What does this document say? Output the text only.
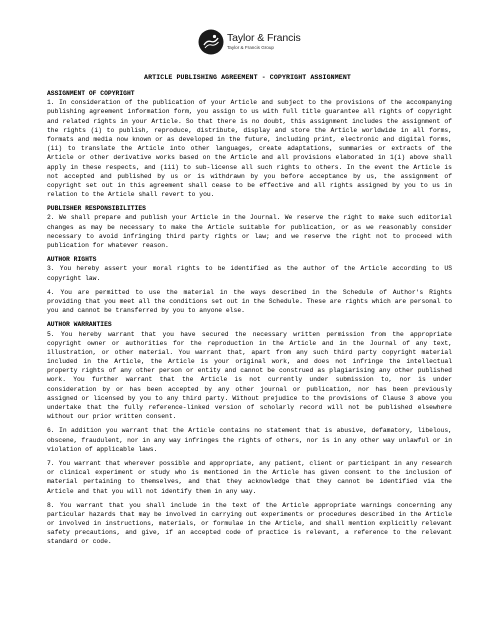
Taylor & Francis
Taylor & Francis Group
ARTICLE PUBLISHING AGREEMENT - COPYRIGHT ASSIGNMENT
ASSIGNMENT OF COPYRIGHT

1. In consideration of the publication of your Article and subject to the provisions of the accompanying publishing agreement information form, you assign to us with full title guarantee all rights of copyright and related rights in your Article. So that there is no doubt, this assignment includes the assignment of the rights (i) to publish, reproduce, distribute, display and store the Article worldwide in all forms, formats and media now known or as developed in the future, including print, electronic and digital forms, (ii) to translate the Article into other languages, create adaptations, summaries or extracts of the Article or other derivative works based on the Article and all provisions elaborated in 1(i) above shall apply in these respects, and (iii) to sub-license all such rights to others. In the event the Article is not accepted and published by us or is withdrawn by you before acceptance by us, the assignment of copyright set out in this agreement shall cease to be effective and all rights assigned by you to us in relation to the Article shall revert to you.

PUBLISHER RESPONSIBILITIES

2. We shall prepare and publish your Article in the Journal. We reserve the right to make such editorial changes as may be necessary to make the Article suitable for publication, or as we reasonably consider necessary to avoid infringing third party rights or law; and we reserve the right not to proceed with publication for whatever reason.

AUTHOR RIGHTS

3. You hereby assert your moral rights to be identified as the author of the Article according to US copyright law.

4. You are permitted to use the material in the ways described in the Schedule of Author's Rights providing that you meet all the conditions set out in the Schedule. These are rights which are personal to you and cannot be transferred by you to anyone else.

AUTHOR WARRANTIES

5. You hereby warrant that you have secured the necessary written permission from the appropriate copyright owner or authorities for the reproduction in the Article and in the Journal of any text, illustration, or other material. You warrant that, apart from any such third party copyright material included in the Article, the Article is your original work, and does not infringe the intellectual property rights of any other person or entity and cannot be construed as plagiarising any other published work. You further warrant that the Article is not currently under submission to, nor is under consideration by or has been accepted by any other journal or publication, nor has been previously assigned or licensed by you to any third party. Without prejudice to the provisions of Clause 3 above you undertake that the fully reference-linked version of scholarly record will not be published elsewhere without our prior written consent.

6. In addition you warrant that the Article contains no statement that is abusive, defamatory, libelous, obscene, fraudulent, nor in any way infringes the rights of others, nor is in any other way unlawful or in violation of applicable laws.

7. You warrant that wherever possible and appropriate, any patient, client or participant in any research or clinical experiment or study who is mentioned in the Article has given consent to the inclusion of material pertaining to themselves, and that they acknowledge that they cannot be identified via the Article and that you will not identify them in any way.

8. You warrant that you shall include in the text of the Article appropriate warnings concerning any particular hazards that may be involved in carrying out experiments or procedures described in the Article or involved in instructions, materials, or formulae in the Article, and shall mention explicitly relevant safety precautions, and give, if an accepted code of practice is relevant, a reference to the relevant standard or code.
